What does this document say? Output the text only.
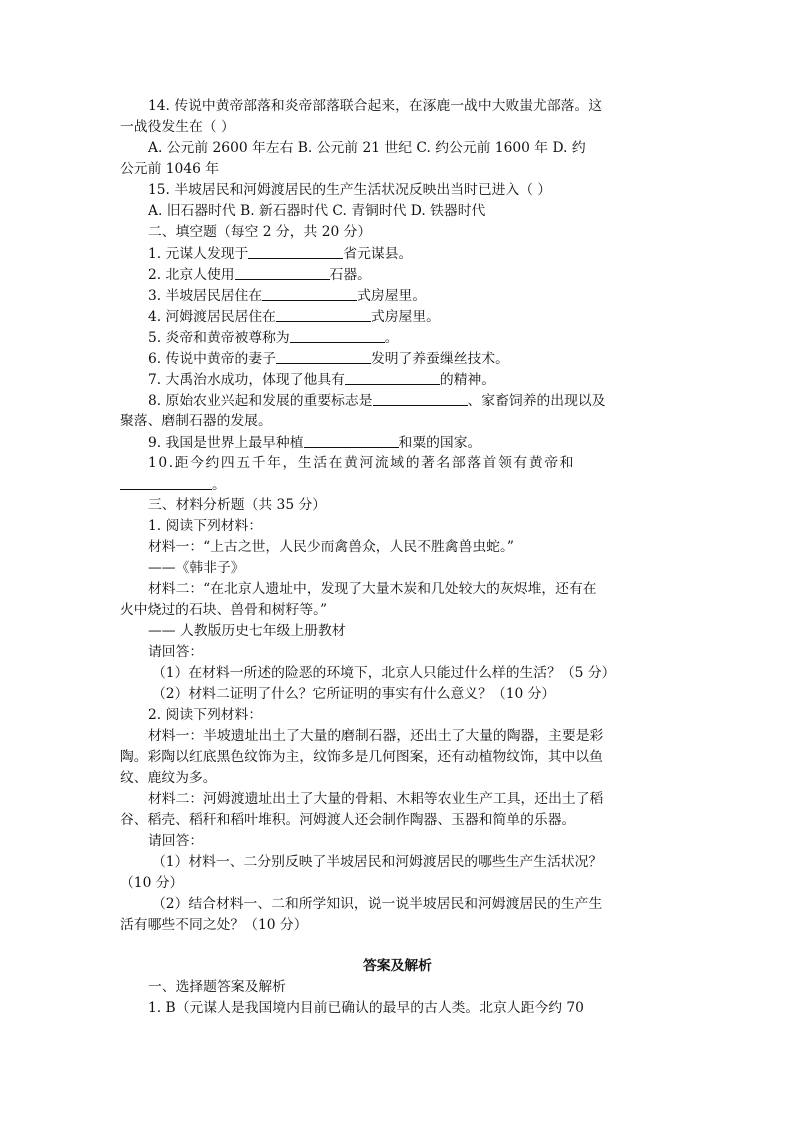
14. 传说中黄帝部落和炎帝部落联合起来，在涿鹿一战中大败蚩尤部落。这
一战役发生在（ ）
A. 公元前 2600 年左右 B. 公元前 21 世纪 C. 约公元前 1600 年 D. 约
公元前 1046 年
15. 半坡居民和河姆渡居民的生产生活状况反映出当时已进入（ ）
A. 旧石器时代 B. 新石器时代 C. 青铜时代 D. 铁器时代
二、填空题（每空 2 分，共 20 分）
1. 元谋人发现于	省元谋县。
2. 北京人使用	石器。
3. 半坡居民居住在	式房屋里。
4. 河姆渡居民居住在	式房屋里。
5. 炎帝和黄帝被尊称为	。
6. 传说中黄帝的妻子	发明了养蚕缫丝技术。
7. 大禹治水成功，体现了他具有	的精神。
8. 原始农业兴起和发展的重要标志是	、家畜饲养的出现以及
聚落、磨制石器的发展。
9. 我国是世界上最早种植	和粟的国家。
10.距今约四五千年，生活在黄河流域的著名部落首领有黄帝和
。
三、材料分析题（共 35 分）
1. 阅读下列材料：
材料一：“上古之世，人民少而禽兽众，人民不胜禽兽虫蛇。”
——《韩非子》
材料二：“在北京人遗址中，发现了大量木炭和几处较大的灰烬堆，还有在
火中烧过的石块、兽骨和树籽等。”
—— 人教版历史七年级上册教材
请回答：
（1）在材料一所述的险恶的环境下，北京人只能过什么样的生活？（5 分）
（2）材料二证明了什么？它所证明的事实有什么意义？（10 分）
2. 阅读下列材料：
材料一：半坡遗址出土了大量的磨制石器，还出土了大量的陶器，主要是彩
陶。彩陶以红底黑色纹饰为主，纹饰多是几何图案，还有动植物纹饰，其中以鱼
纹、鹿纹为多。
材料二：河姆渡遗址出土了大量的骨耜、木耜等农业生产工具，还出土了稻
谷、稻壳、稻秆和稻叶堆积。河姆渡人还会制作陶器、玉器和简单的乐器。
请回答：
（1）材料一、二分别反映了半坡居民和河姆渡居民的哪些生产生活状况？
（10 分）
（2）结合材料一、二和所学知识，说一说半坡居民和河姆渡居民的生产生
活有哪些不同之处？（10 分）
答案及解析
一、选择题答案及解析
1. B（元谋人是我国境内目前已确认的最早的古人类。北京人距今约 70
